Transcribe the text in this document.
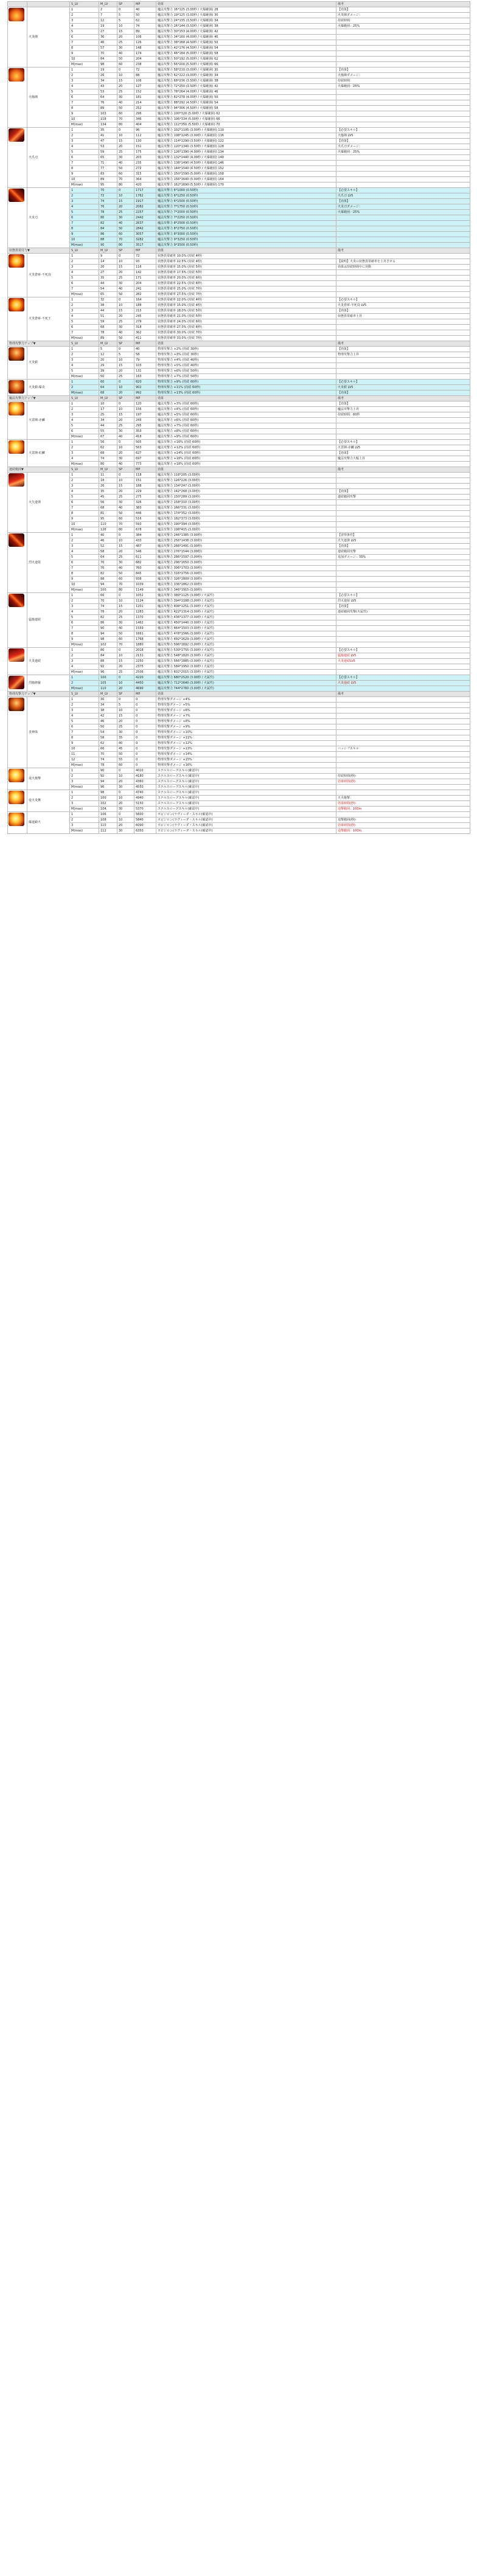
		S_LV	M_LV	SP	MP	効果	備考

	火炎陣	1	2	0	40	魔法攻撃力 16*125 (3.00秒 / 火爆範囲) 28	【効果】
		2	7	5	50	魔法攻撃力 19*125 (3.00秒 / 火爆範囲) 30	火炎陣ダメージ：
		3	12	5	62	魔法攻撃力 24*135 (3.50秒 / 火爆範囲) 34	持続時間：
		4	19	10	74	魔法攻撃力 26*144 (3.50秒 / 火爆範囲) 38	火爆範囲：25%
		5	27	15	89	魔法攻撃力 30*153 (4.00秒 / 火爆範囲) 42	
		6	36	20	106	魔法攻撃力 34*160 (4.00秒 / 火爆範囲) 46	
		7	46	25	126	魔法攻撃力 38*168 (4.50秒 / 火爆範囲) 50	
		8	57	30	148	魔法攻撃力 42*176 (4.50秒 / 火爆範囲) 54	
		9	70	40	174	魔法攻撃力 46*184 (5.00秒 / 火爆範囲) 58	
		10	84	50	204	魔法攻撃力 50*192 (5.00秒 / 火爆範囲) 62	
		M(max)	98	60	238	魔法攻撃力 56*200 (5.50秒 / 火爆範囲) 66	

	火焔陣	1	19	0	72	魔法攻撃力 58*210 (3.00秒 / 火爆範囲) 30	【効果】
		2	26	10	88	魔法攻撃力 62*222 (3.00秒 / 火爆範囲) 34	火焔陣ダメージ：
		3	34	15	106	魔法攻撃力 68*236 (3.50秒 / 火爆範囲) 38	持続時間：
		4	43	20	127	魔法攻撃力 72*250 (3.50秒 / 火爆範囲) 42	火爆範囲：25%
		5	53	25	152	魔法攻撃力 78*264 (4.00秒 / 火爆範囲) 46	
		6	64	30	181	魔法攻撃力 82*278 (4.00秒 / 火爆範囲) 50	
		7	76	40	214	魔法攻撃力 88*292 (4.50秒 / 火爆範囲) 54	
		8	89	50	252	魔法攻撃力 94*306 (4.50秒 / 火爆範囲) 58	
		9	103	60	296	魔法攻撃力 100*320 (5.00秒 / 火爆範囲) 62	
		10	118	70	346	魔法攻撃力 106*334 (5.00秒 / 火爆範囲) 66	
		M(max)	134	80	404	魔法攻撃力 112*350 (5.50秒 / 火爆範囲) 70	

	火爪刃	1	35	0	96	魔法攻撃力 102*1195 (3.00秒 / 火爆範囲) 110	【必要スキル】
		2	41	10	112	魔法攻撃力 108*1245 (3.00秒 / 火爆範囲) 116	火焔陣 LV5
		3	47	15	130	魔法攻撃力 114*1290 (3.50秒 / 火爆範囲) 122	【効果】
		4	53	20	151	魔法攻撃力 120*1340 (3.50秒 / 火爆範囲) 128	火爪刃ダメージ：
		5	59	25	175	魔法攻撃力 126*1390 (4.00秒 / 火爆範囲) 134	火爆範囲：25%
		6	65	30	203	魔法攻撃力 132*1440 (4.00秒 / 火爆範囲) 140	
		7	71	40	235	魔法攻撃力 138*1490 (4.50秒 / 火爆範囲) 146	
		8	77	50	272	魔法攻撃力 144*1540 (4.50秒 / 火爆範囲) 152	
		9	83	60	315	魔法攻撃力 150*1590 (5.00秒 / 火爆範囲) 158	
		10	89	70	364	魔法攻撃力 156*1640 (5.00秒 / 火爆範囲) 164	
		M(max)	95	80	420	魔法攻撃力 162*1690 (5.50秒 / 火爆範囲) 170	

	火炎刃	1	70	0	1717	魔法攻撃力 6*1000 (0.50秒)	【必要スキル】
		2	72	10	1762	魔法攻撃力 6*1250 (0.50秒)	火爪刃 LV5
		3	74	15	1917	魔法攻撃力 6*1500 (0.50秒)	【効果】
		4	76	20	2082	魔法攻撃力 7*1750 (0.50秒)	火炎刃ダメージ：
		5	78	25	2257	魔法攻撃力 7*2000 (0.50秒)	火爆範囲：25%
		6	80	30	2442	魔法攻撃力 7*2250 (0.50秒)	
		7	82	40	2637	魔法攻撃力 8*2500 (0.50秒)	
		8	84	50	2842	魔法攻撃力 8*2750 (0.50秒)	
		9	86	60	3057	魔法攻撃力 8*3000 (0.50秒)	
		10	88	70	3282	魔法攻撃力 9*3250 (0.50秒)	
		M(max)	90	80	3517	魔法攻撃力 9*3500 (0.50秒)	
状態異常付与▼		S_LV	M_LV	SP	MP	効果	備考

	火炎倉庫-不死鳥	1	9	0	72	状態異常確率 10.0% (持続 4秒)	
		2	14	10	93	状態異常確率 12.5% (持続 4秒)	【説明】火炎の状態異常確率を上昇させる
		3	20	15	116	状態異常確率 15.0% (持続 5秒)	効果は持続時間中に発動
		4	27	20	142	状態異常確率 17.5% (持続 5秒)	
		5	35	25	171	状態異常確率 20.0% (持続 6秒)	
		6	44	30	204	状態異常確率 22.5% (持続 6秒)	
		7	54	40	241	状態異常確率 25.0% (持続 7秒)	
		M(max)	65	50	282	状態異常確率 27.5% (持続 7秒)	

	火炎倉庫-不死王	1	32	0	164	状態異常確率 12.0% (持続 4秒)	【必要スキル】
		2	38	10	188	状態異常確率 15.0% (持続 4秒)	火炎倉庫-不死鳥 LV5
		3	44	15	215	状態異常確率 18.0% (持続 5秒)	【効果】
		4	51	20	245	状態異常確率 21.0% (持続 5秒)	状態異常確率上昇
		5	59	25	279	状態異常確率 24.0% (持続 6秒)	
		6	68	30	318	状態異常確率 27.0% (持続 6秒)	
		7	78	40	362	状態異常確率 30.0% (持続 7秒)	
		M(max)	89	50	411	状態異常確率 33.0% (持続 7秒)	
物理攻撃力アップ▼		S_LV	M_LV	SP	MP	効果	備考

	火炎鎧	1	5	0	40	物理攻撃力 +2% (持続 30秒)	【効果】
		2	12	5	58	物理攻撃力 +3% (持続 30秒)	物理攻撃力上昇
		3	20	10	79	物理攻撃力 +4% (持続 40秒)	
		4	29	15	103	物理攻撃力 +5% (持続 40秒)	
		5	39	20	131	物理攻撃力 +6% (持続 50秒)	
		M(max)	50	25	163	物理攻撃力 +7% (持続 50秒)	

	火炎鎧-爆炎	1	60	0	820	物理攻撃力 +9% (持続 60秒)	【必要スキル】
		2	64	10	902	物理攻撃力 +11% (持続 60秒)	火炎鎧 LV5
		M(max)	68	20	992	物理攻撃力 +13% (持続 60秒)	【効果】
魔法攻撃力アップ▼		S_LV	M_LV	SP	MP	効果	備考

	火霊陣-赤鱗	1	10	0	120	魔法攻撃力 +3% (持続 60秒)	【効果】
		2	17	10	156	魔法攻撃力 +4% (持続 60秒)	魔法攻撃力上昇
		3	25	15	197	魔法攻撃力 +5% (持続 60秒)	持続時間：60秒
		4	34	20	243	魔法攻撃力 +6% (持続 60秒)	
		5	44	25	295	魔法攻撃力 +7% (持続 60秒)	
		6	55	30	353	魔法攻撃力 +8% (持続 60秒)	
		M(max)	67	40	418	魔法攻撃力 +9% (持続 60秒)	

	火霊陣-紅鱗	1	56	0	505	魔法攻撃力 +10% (持続 60秒)	【必要スキル】
		2	62	10	563	魔法攻撃力 +12% (持続 60秒)	火霊陣-赤鱗 LV5
		3	68	20	627	魔法攻撃力 +14% (持続 60秒)	【効果】
		4	74	30	697	魔法攻撃力 +16% (持続 60秒)	魔法攻撃力大幅上昇
		M(max)	80	40	773	魔法攻撃力 +18% (持続 60秒)	
連続範囲▼		S_LV	M_LV	SP	MP	効果	備考

	火矢連弾	1	11	0	118	魔法攻撃力 118*205 (3.00秒)	
		2	18	10	151	魔法攻撃力 126*226 (3.00秒)	
		3	26	15	188	魔法攻撃力 134*247 (3.00秒)	
		4	35	20	229	魔法攻撃力 142*268 (3.00秒)	【効果】
		5	45	25	275	魔法攻撃力 150*289 (3.00秒)	連続範囲攻撃
		6	56	30	326	魔法攻撃力 158*310 (3.00秒)	
		7	68	40	383	魔法攻撃力 166*331 (3.00秒)	
		8	81	50	446	魔法攻撃力 174*352 (3.00秒)	
		9	95	60	516	魔法攻撃力 182*373 (3.00秒)	
		10	110	70	593	魔法攻撃力 190*394 (3.00秒)	
		M(max)	126	80	678	魔法攻撃力 198*415 (3.00秒)	

	烈火連射	1	40	0	384	魔法攻撃力 246*1385 (3.00秒)	【習得条件】
		2	46	10	433	魔法攻撃力 256*1438 (3.00秒)	火矢連弾 LV5
		3	52	15	487	魔法攻撃力 266*1491 (3.00秒)	【効果】
		4	58	20	546	魔法攻撃力 276*1544 (3.00秒)	連続範囲攻撃
		5	64	25	611	魔法攻撃力 286*1597 (3.00秒)	追加ダメージ：35%
		6	70	30	682	魔法攻撃力 296*1650 (3.00秒)	
		7	76	40	760	魔法攻撃力 306*1703 (3.00秒)	
		8	82	50	845	魔法攻撃力 316*1756 (3.00秒)	
		9	88	60	938	魔法攻撃力 326*1809 (3.00秒)	
		10	94	70	1039	魔法攻撃力 336*1862 (3.00秒)	
		M(max)	100	80	1149	魔法攻撃力 346*1915 (3.00秒)	

	猛焔連続	1	66	0	1052	魔法攻撃力 380*1125 (3.00秒 / 火属性)	【必要スキル】
		2	70	10	1124	魔法攻撃力 394*1188 (3.00秒 / 火属性)	烈火連射 LV5
		3	74	15	1201	魔法攻撃力 408*1251 (3.00秒 / 火属性)	【効果】
		4	78	20	1283	魔法攻撃力 422*1314 (3.00秒 / 火属性)	連続範囲攻撃(火属性)
		5	82	25	1370	魔法攻撃力 436*1377 (3.00秒 / 火属性)	
		6	86	30	1462	魔法攻撃力 450*1440 (3.00秒 / 火属性)	
		7	90	40	1559	魔法攻撃力 464*1503 (3.00秒 / 火属性)	
		8	94	50	1661	魔法攻撃力 478*1566 (3.00秒 / 火属性)	
		9	98	60	1768	魔法攻撃力 492*1629 (3.00秒 / 火属性)	
		M(max)	102	70	1880	魔法攻撃力 506*1692 (3.00秒 / 火属性)	

	火炎連続	1	80	0	2018	魔法攻撃力 530*1755 (3.00秒 / 火属性)	【必要スキル】
		2	84	10	2131	魔法攻撃力 548*1820 (3.00秒 / 火属性)	猛焔連続 LV5
		3	88	15	2250	魔法攻撃力 566*1885 (3.00秒 / 火属性)	火炎連続LV5
		4	92	20	2375	魔法攻撃力 584*1950 (3.00秒 / 火属性)	
		M(max)	96	25	2506	魔法攻撃力 602*2015 (3.00秒 / 火属性)	

	烈焔修羅	1	100	0	4220	魔法攻撃力 680*2520 (3.00秒 / 火属性)	【必要スキル】
		2	105	10	4450	魔法攻撃力 712*2640 (3.00秒 / 火属性)	火炎連続 LV5
		M(max)	110	20	4690	魔法攻撃力 744*2760 (3.00秒 / 火属性)	
物理攻撃力アップ▼		S_LV	M_LV	SP	MP	効果	備考

	炎神体	1	30	0	0	物理攻撃ダメージ +4%	
		2	34	5	0	物理攻撃ダメージ +5%	
		3	38	10	0	物理攻撃ダメージ +6%	
		4	42	15	0	物理攻撃ダメージ +7%	
		5	46	20	0	物理攻撃ダメージ +8%	
		6	50	25	0	物理攻撃ダメージ +9%	
		7	54	30	0	物理攻撃ダメージ +10%	
		8	58	35	0	物理攻撃ダメージ +11%	
		9	62	40	0	物理攻撃ダメージ +12%	
		10	66	45	0	物理攻撃ダメージ +13%	バッシブスキル
		11	70	50	0	物理攻撃ダメージ +14%	
		12	74	55	0	物理攻撃ダメージ +15%	
		M(max)	78	60	0	物理攻撃ダメージ +16%	

	竜火焔撃	1	90	0	4010	ステルスローグスキル(確認中)	
		2	92	10	4180	ステルスローグスキル(確認中)	持続時間(秒)：
		3	94	20	4360	ステルスローグスキル(確認中)	効果時間(秒)：
		M(max)	96	30	4550	ステルスローグスキル(確認中)	

	竜火炎舞	1	98	0	4740	ステルスローグスキル(確認中)	
		2	100	10	4940	ステルスローグスキル(確認中)	火火焔撃：
		3	102	20	5150	ステルスローグスキル(確認中)	効果時間(秒)：
		M(max)	104	30	5370	ステルスローグスキル(確認中)	追撃範囲：100m

	爆連鎖火	1	106	0	5600	ボビジロン(ラヴィーダ・スキル(確認中)	
		2	108	10	5840	ボビジロン(ラヴィーダ・スキル(確認中)	追撃範囲(秒)：
		3	110	20	6090	ボビジロン(ラヴィーダ・スキル(確認中)	効果時間(秒)：
		M(max)	112	30	6350	ボビジロン(ラヴィーダ・スキル(確認中)	追撃範囲：100m
